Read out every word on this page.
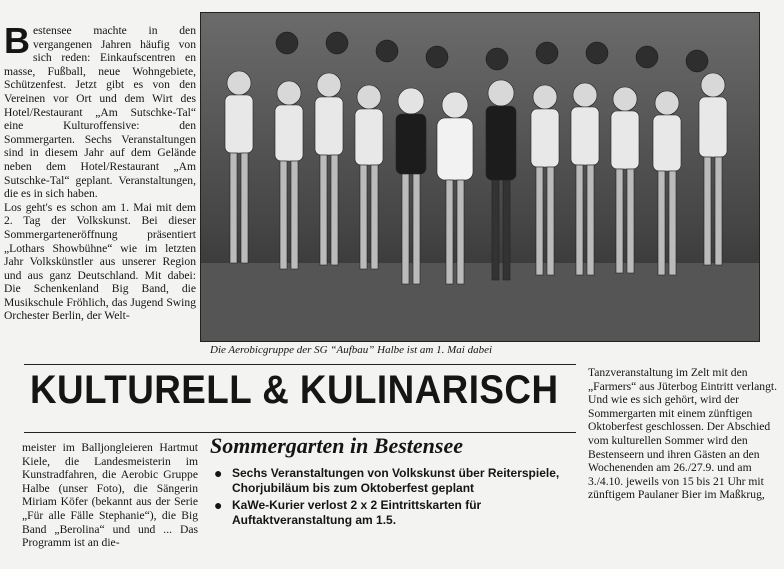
Bestensee machte in den vergangenen Jahren häufig von sich reden: Einkaufscentren en masse, Fußball, neue Wohngebiete, Schützenfest. Jetzt gibt es von den Vereinen vor Ort und dem Wirt des Hotel/Restaurant „Am Sutschke-Tal“ eine Kulturoffensive: den Sommergarten. Sechs Veranstaltungen sind in diesem Jahr auf dem Gelände neben dem Hotel/Restaurant „Am Sutschke-Tal“ geplant. Veranstaltungen, die es in sich haben.

Los geht's es schon am 1. Mai mit dem 2. Tag der Volkskunst. Bei dieser Sommergarteneröffnung präsentiert „Lothars Showbühne“ wie im letzten Jahr Volkskünstler aus unserer Region und aus ganz Deutschland. Mit dabei: Die Schenkenland Big Band, die Musikschule Fröhlich, das Jugend Swing Orchester Berlin, der Welt-

Die Aerobicgruppe der SG “Aufbau” Halbe ist am 1. Mai dabei
KULTURELL & KULINARISCH
meister im Balljongleieren Hartmut Kiele, die Landesmeisterin im Kunstradfahren, die Aerobic Gruppe Halbe (unser Foto), die Sängerin Miriam Köfer (bekannt aus der Serie „Für alle Fälle Stephanie“), die Big Band „Berolina“ und und ... Das Programm ist an die-
Sommergarten in Bestensee
● Sechs Veranstaltungen von Volkskunst über Reiterspiele, Chorjubiläum bis zum Oktoberfest geplant
● KaWe-Kurier verlost 2 x 2 Eintrittskarten für Auftaktveranstaltung am 1.5.

Tanzveranstaltung im Zelt mit den „Farmers“ aus Jüterbog Eintritt verlangt.

Und wie es sich gehört, wird der Sommergarten mit einem zünftigen Oktoberfest geschlossen. Der Abschied vom kulturellen Sommer wird den Bestenseern und ihren Gästen an den Wochenenden am 26./27.9. und am 3./4.10. jeweils von 15 bis 21 Uhr mit zünftigem Paulaner Bier im Maßkrug,
